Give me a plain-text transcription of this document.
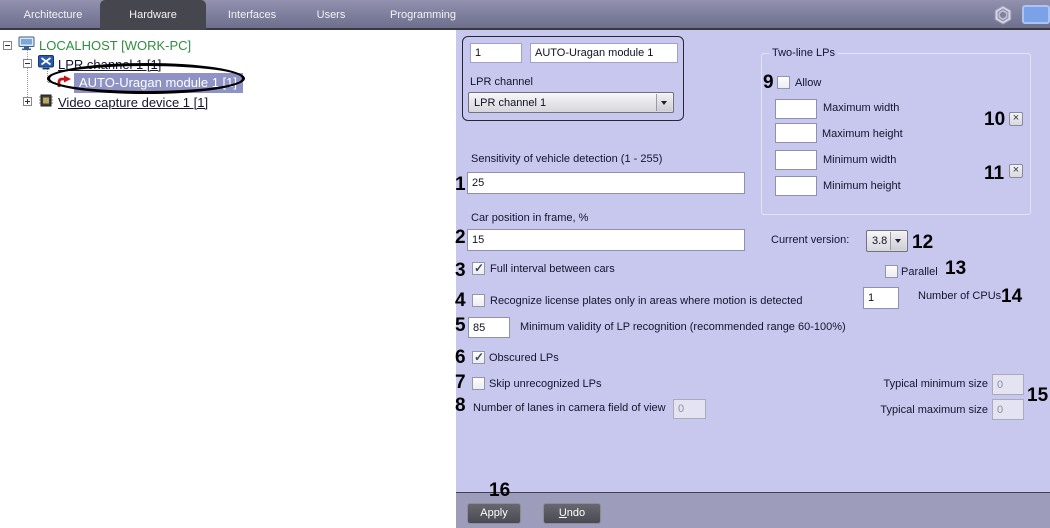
Architecture	Hardware	Interfaces	Users	Programming
LOCALHOST [WORK-PC]
LPR channel 1 [1]
AUTO-Uragan module 1 [1]
Video capture device 1 [1]
1
AUTO-Uragan module 1
LPR channel
LPR channel 1
Sensitivity of vehicle detection (1 - 255)
25
1
Car position in frame, %
15
2
✓
Full interval between cars
3
Recognize license plates only in areas where motion is detected
4
85
Minimum validity of LP recognition (recommended range 60-100%)
5
✓
Obscured LPs
6
Skip unrecognized LPs
7
Number of lanes in camera field of view
0
8
Two-line LPs
9 Allow
Maximum width
Maximum height
Minimum width
Minimum height
10 ×
11 ×
Current version: 3.8 12
Parallel 13
1
Number of CPUs 14
Typical minimum size
0
Typical maximum size
0
15
16
Apply	Undo
